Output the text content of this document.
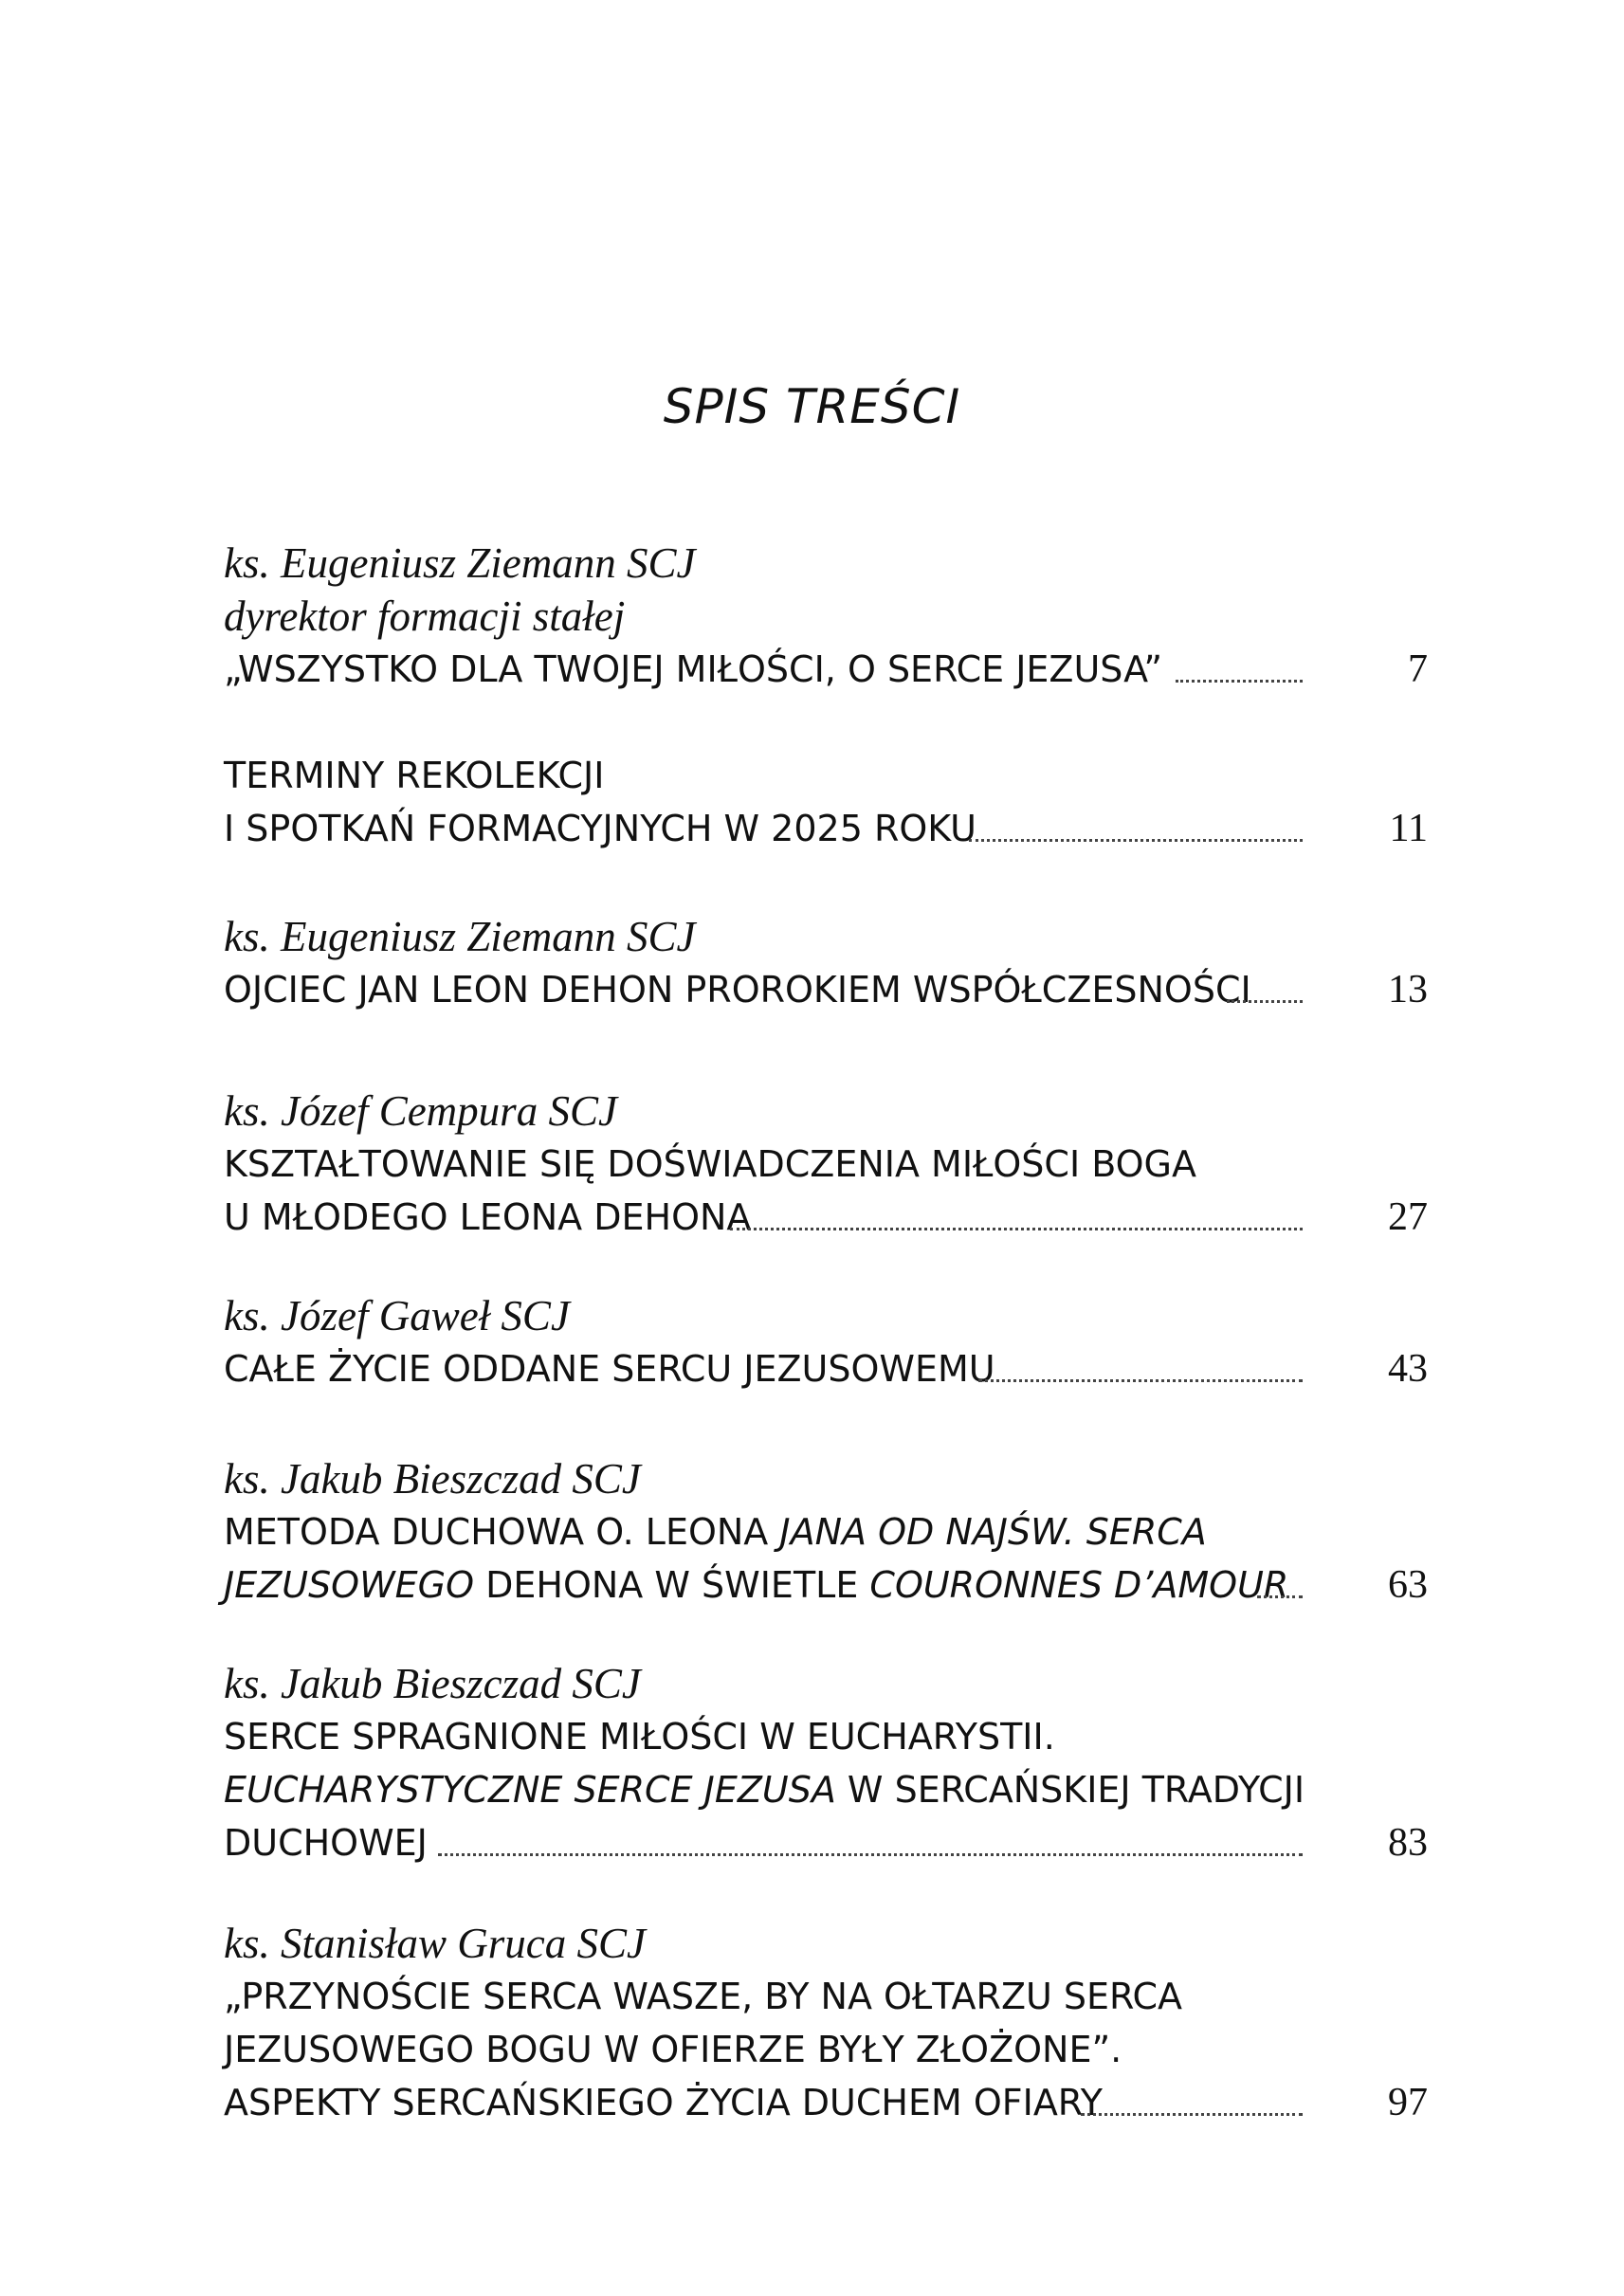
SPIS TREŚCI
ks. Eugeniusz Ziemann SCJ
dyrektor formacji stałej
„WSZYSTKO DLA TWOJEJ MIŁOŚCI, O SERCE JEZUSA”	7
TERMINY REKOLEKCJI
I SPOTKAŃ FORMACYJNYCH W 2025 ROKU	11
ks. Eugeniusz Ziemann SCJ
OJCIEC JAN LEON DEHON PROROKIEM WSPÓŁCZESNOŚCI	13
ks. Józef Cempura SCJ
KSZTAŁTOWANIE SIĘ DOŚWIADCZENIA MIŁOŚCI BOGA
U MŁODEGO LEONA DEHONA	27
ks. Józef Gaweł SCJ
CAŁE ŻYCIE ODDANE SERCU JEZUSOWEMU	43
ks. Jakub Bieszczad SCJ
METODA DUCHOWA O. LEONA JANA OD NAJŚW. SERCA
JEZUSOWEGO DEHONA W ŚWIETLE COURONNES D’AMOUR	63
ks. Jakub Bieszczad SCJ
SERCE SPRAGNIONE MIŁOŚCI W EUCHARYSTII.
EUCHARYSTYCZNE SERCE JEZUSA W SERCAŃSKIEJ TRADYCJI
DUCHOWEJ	83
ks. Stanisław Gruca SCJ
„PRZYNOŚCIE SERCA WASZE, BY NA OŁTARZU SERCA
JEZUSOWEGO BOGU W OFIERZE BYŁY ZŁOŻONE”.
ASPEKTY SERCAŃSKIEGO ŻYCIA DUCHEM OFIARY	97
